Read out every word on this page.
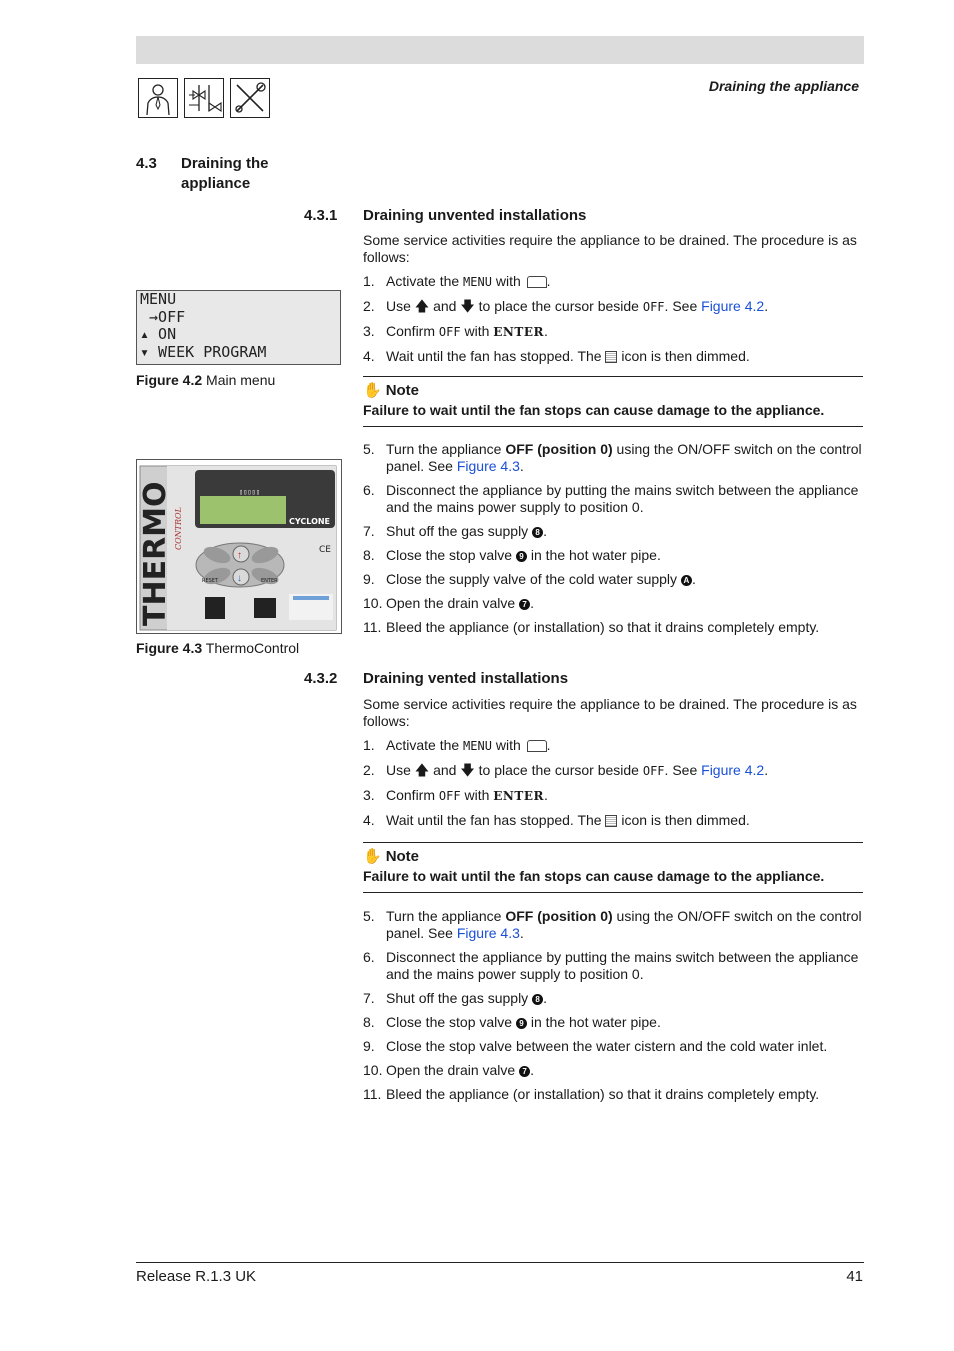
Draining the appliance
4.3 Draining the appliance
4.3.1 Draining unvented installations

Some service activities require the appliance to be drained. The procedure is as follows:

1. Activate the MENU with .
2. Use 🡅 and 🡇 to place the cursor beside OFF. See Figure 4.2.
3. Confirm OFF with ENTER.
4. Wait until the fan has stopped. The  icon is then dimmed.
✋ Note
Failure to wait until the fan stops can cause damage to the appliance.
5. Turn the appliance OFF (position 0) using the ON/OFF switch on the control panel. See Figure 4.3.
6. Disconnect the appliance by putting the mains switch between the appliance and the mains power supply to position 0.
7. Shut off the gas supply 8 .
8. Close the stop valve 9 in the hot water pipe.
9. Close the supply valve of the cold water supply A .
10. Open the drain valve 7 .
11. Bleed the appliance (or installation) so that it drains completely empty.
MENU
→OFF
▴ ON
▾ WEEK PROGRAM
Figure 4.2 Main menu
▯▯▯▯▯
CYCLONE
↑
↓
RESET	ENTER
CE
THERMO CONTROL
Figure 4.3 ThermoControl
4.3.2 Draining vented installations

Some service activities require the appliance to be drained. The procedure is as follows:

1. Activate the MENU with .
2. Use 🡅 and 🡇 to place the cursor beside OFF. See Figure 4.2.
3. Confirm OFF with ENTER.
4. Wait until the fan has stopped. The  icon is then dimmed.
✋ Note
Failure to wait until the fan stops can cause damage to the appliance.
5. Turn the appliance OFF (position 0) using the ON/OFF switch on the control panel. See Figure 4.3.
6. Disconnect the appliance by putting the mains switch between the appliance and the mains power supply to position 0.
7. Shut off the gas supply 8 .
8. Close the stop valve 9 in the hot water pipe.
9. Close the stop valve between the water cistern and the cold water inlet.
10. Open the drain valve 7 .
11. Bleed the appliance (or installation) so that it drains completely empty.
Release R.1.3 UK	41
